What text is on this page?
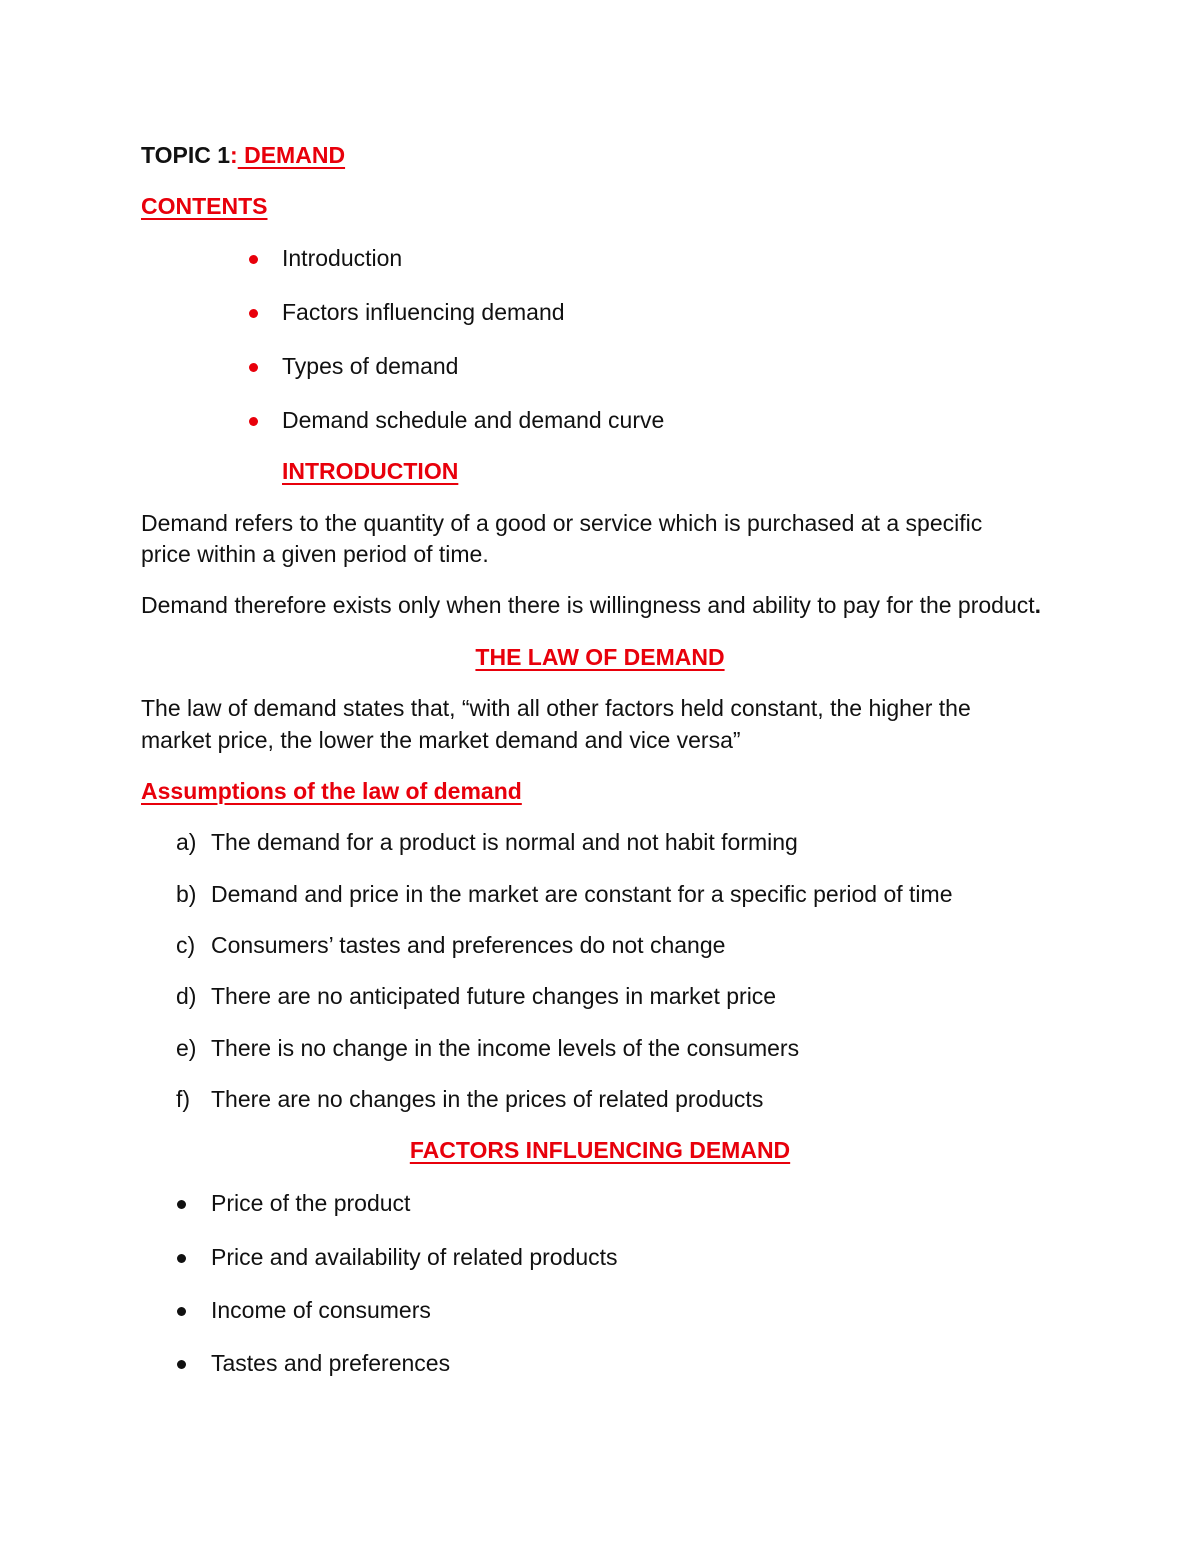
TOPIC 1: DEMAND
CONTENTS
Introduction
Factors influencing demand
Types of demand
Demand schedule and demand curve
INTRODUCTION
Demand refers to the quantity of a good or service which is purchased at a specific
price within a given period of time.
Demand therefore exists only when there is willingness and ability to pay for the product.
THE LAW OF DEMAND
The law of demand states that, “with all other factors held constant, the higher the
market price, the lower the market demand and vice versa”
Assumptions of the law of demand
a) The demand for a product is normal and not habit forming
b) Demand and price in the market are constant for a specific period of time
c) Consumers’ tastes and preferences do not change
d) There are no anticipated future changes in market price
e) There is no change in the income levels of the consumers
f) There are no changes in the prices of related products
FACTORS INFLUENCING DEMAND
Price of the product
Price and availability of related products
Income of consumers
Tastes and preferences
